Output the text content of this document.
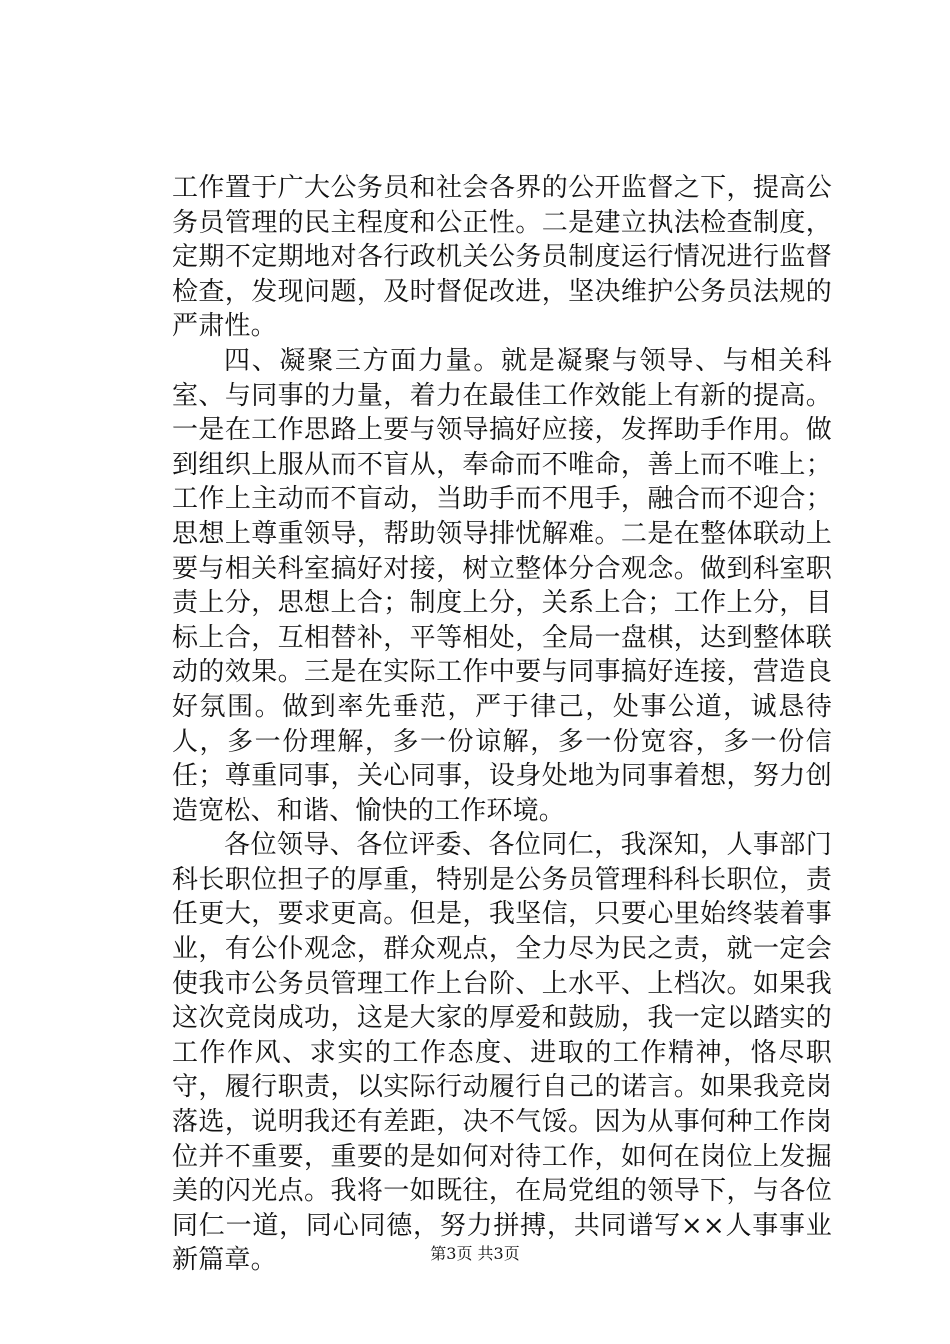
工作置于广大公务员和社会各界的公开监督之下，提高公务员管理的民主程度和公正性。二是建立执法检查制度，定期不定期地对各行政机关公务员制度运行情况进行监督检查，发现问题，及时督促改进，坚决维护公务员法规的严肃性。

四、凝聚三方面力量。就是凝聚与领导、与相关科室、与同事的力量，着力在最佳工作效能上有新的提高。一是在工作思路上要与领导搞好应接，发挥助手作用。做到组织上服从而不盲从，奉命而不唯命，善上而不唯上；工作上主动而不盲动，当助手而不甩手，融合而不迎合；思想上尊重领导，帮助领导排忧解难。二是在整体联动上要与相关科室搞好对接，树立整体分合观念。做到科室职责上分，思想上合；制度上分，关系上合；工作上分，目标上合，互相替补，平等相处，全局一盘棋，达到整体联动的效果。三是在实际工作中要与同事搞好连接，营造良好氛围。做到率先垂范，严于律己，处事公道，诚恳待人，多一份理解，多一份谅解，多一份宽容，多一份信任；尊重同事，关心同事，设身处地为同事着想，努力创造宽松、和谐、愉快的工作环境。

各位领导、各位评委、各位同仁，我深知，人事部门科长职位担子的厚重，特别是公务员管理科科长职位，责任更大，要求更高。但是，我坚信，只要心里始终装着事业，有公仆观念，群众观点，全力尽为民之责，就一定会使我市公务员管理工作上台阶、上水平、上档次。如果我这次竞岗成功，这是大家的厚爱和鼓励，我一定以踏实的工作作风、求实的工作态度、进取的工作精神，恪尽职守，履行职责，以实际行动履行自己的诺言。如果我竞岗落选，说明我还有差距，决不气馁。因为从事何种工作岗位并不重要，重要的是如何对待工作，如何在岗位上发掘美的闪光点。我将一如既往，在局党组的领导下，与各位同仁一道，同心同德，努力拼搏，共同谱写××人事事业新篇章。	第3页 共3页
